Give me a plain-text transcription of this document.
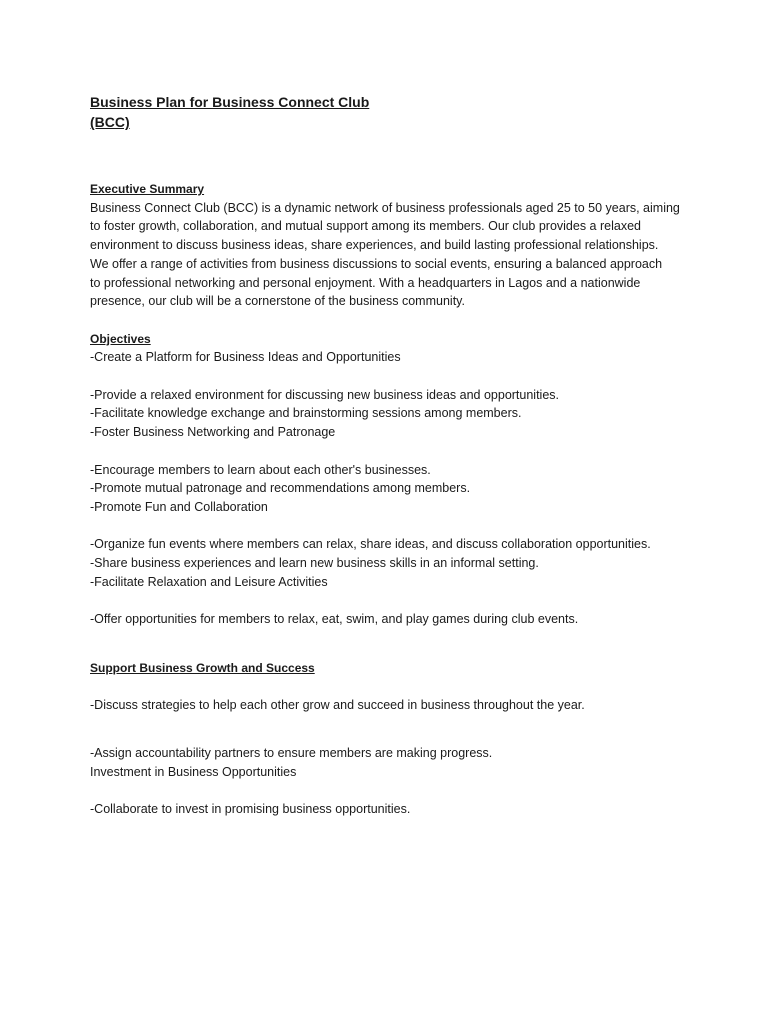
Business Plan for Business Connect Club

(BCC)

Executive Summary

Business Connect Club (BCC) is a dynamic network of business professionals aged 25 to 50 years, aiming

to foster growth, collaboration, and mutual support among its members. Our club provides a relaxed

environment to discuss business ideas, share experiences, and build lasting professional relationships.

We offer a range of activities from business discussions to social events, ensuring a balanced approach

to professional networking and personal enjoyment. With a headquarters in Lagos and a nationwide

presence, our club will be a cornerstone of the business community.

Objectives

-Create a Platform for Business Ideas and Opportunities

-Provide a relaxed environment for discussing new business ideas and opportunities.

-Facilitate knowledge exchange and brainstorming sessions among members.

-Foster Business Networking and Patronage

-Encourage members to learn about each other's businesses.

-Promote mutual patronage and recommendations among members.

-Promote Fun and Collaboration

-Organize fun events where members can relax, share ideas, and discuss collaboration opportunities.

-Share business experiences and learn new business skills in an informal setting.

-Facilitate Relaxation and Leisure Activities

-Offer opportunities for members to relax, eat, swim, and play games during club events.

Support Business Growth and Success

-Discuss strategies to help each other grow and succeed in business throughout the year.

-Assign accountability partners to ensure members are making progress.

Investment in Business Opportunities

-Collaborate to invest in promising business opportunities.
